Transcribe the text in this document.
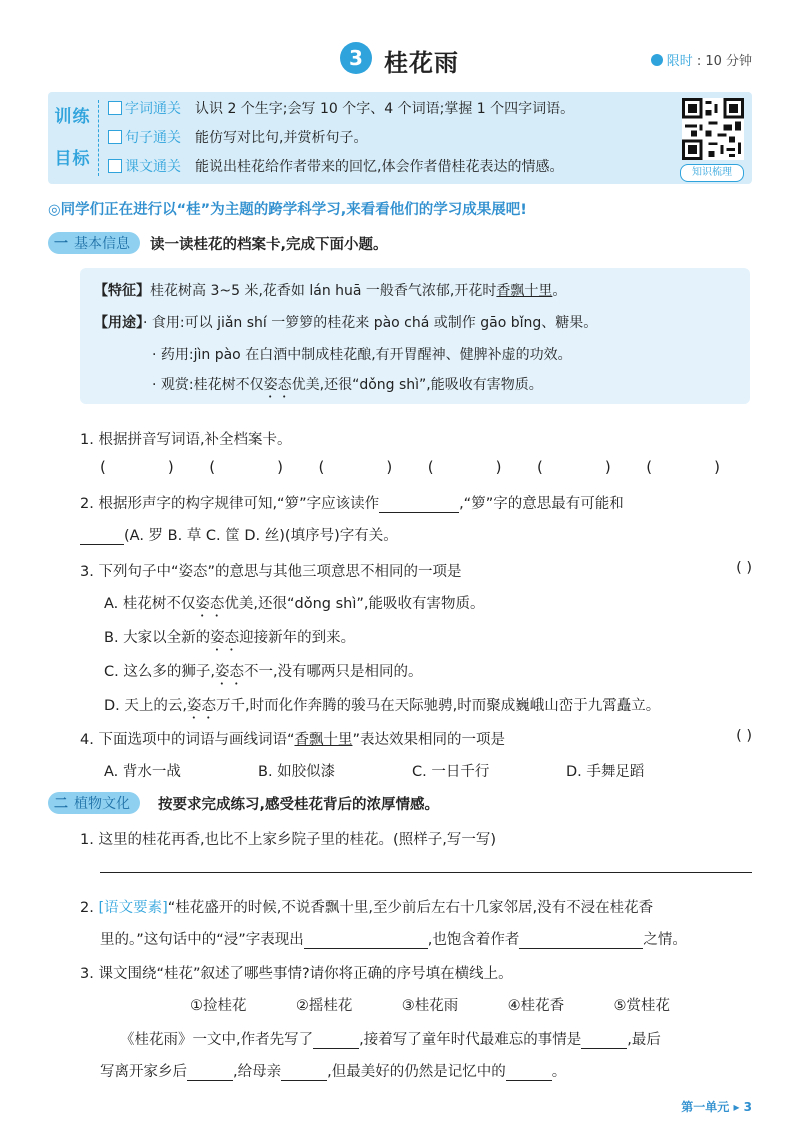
3 桂花雨	限时 : 10 分钟
训 练
目 标
字词通关 认识 2 个生字;会写 10 个字、4 个词语;掌握 1 个四字词语。
句子通关 能仿写对比句,并赏析句子。
课文通关 能说出桂花给作者带来的回忆,体会作者借桂花表达的情感。	知识梳理
◎同学们正在进行以“桂”为主题的跨学科学习,来看看他们的学习成果展吧!
一 基本信息 读一读桂花的档案卡,完成下面小题。
【特征】桂花树高 3~5 米,花香如 lán huā 一般香气浓郁,开花时香飘十里。
【用途】· 食用:可以 jiǎn shí 一箩箩的桂花来 pào chá 或制作 gāo bǐng、糖果。
· 药用:jìn pào 在白酒中制成桂花酿,有开胃醒神、健脾补虚的功效。
· 观赏:桂花树不仅姿态优美,还很“dǒng shì”,能吸收有害物质。
1. 根据拼音写词语,补全档案卡。
(	) (	) (	) (	) (	) (	)
2. 根据形声字的构字规律可知,“箩”字应该读作	,“箩”字的意思最有可能和
(A. 罗 B. 草 C. 筐 D. 丝)(填序号)字有关。
3. 下列句子中“姿态”的意思与其他三项意思不相同的一项是	( )
A. 桂花树不仅姿态优美,还很“dǒng shì”,能吸收有害物质。
B. 大家以全新的姿态迎接新年的到来。
C. 这么多的狮子,姿态不一,没有哪两只是相同的。
D. 天上的云,姿态万千,时而化作奔腾的骏马在天际驰骋,时而聚成巍峨山峦于九霄矗立。
4. 下面选项中的词语与画线词语“香飘十里”表达效果相同的一项是	( )
A. 背水一战	B. 如胶似漆	C. 一日千行	D. 手舞足蹈
二 植物文化 按要求完成练习,感受桂花背后的浓厚情感。
1. 这里的桂花再香,也比不上家乡院子里的桂花。(照样子,写一写)
2. [语文要素]“桂花盛开的时候,不说香飘十里,至少前后左右十几家邻居,没有不浸在桂花香
里的。”这句话中的“浸”字表现出	,也饱含着作者	之情。
3. 课文围绕“桂花”叙述了哪些事情?请你将正确的序号填在横线上。
①捡桂花	②摇桂花	③桂花雨	④桂花香	⑤赏桂花
《桂花雨》一文中,作者先写了	,接着写了童年时代最难忘的事情是	,最后
写离开家乡后	,给母亲	,但最美好的仍然是记忆中的	。
第一单元 ▸ 3
